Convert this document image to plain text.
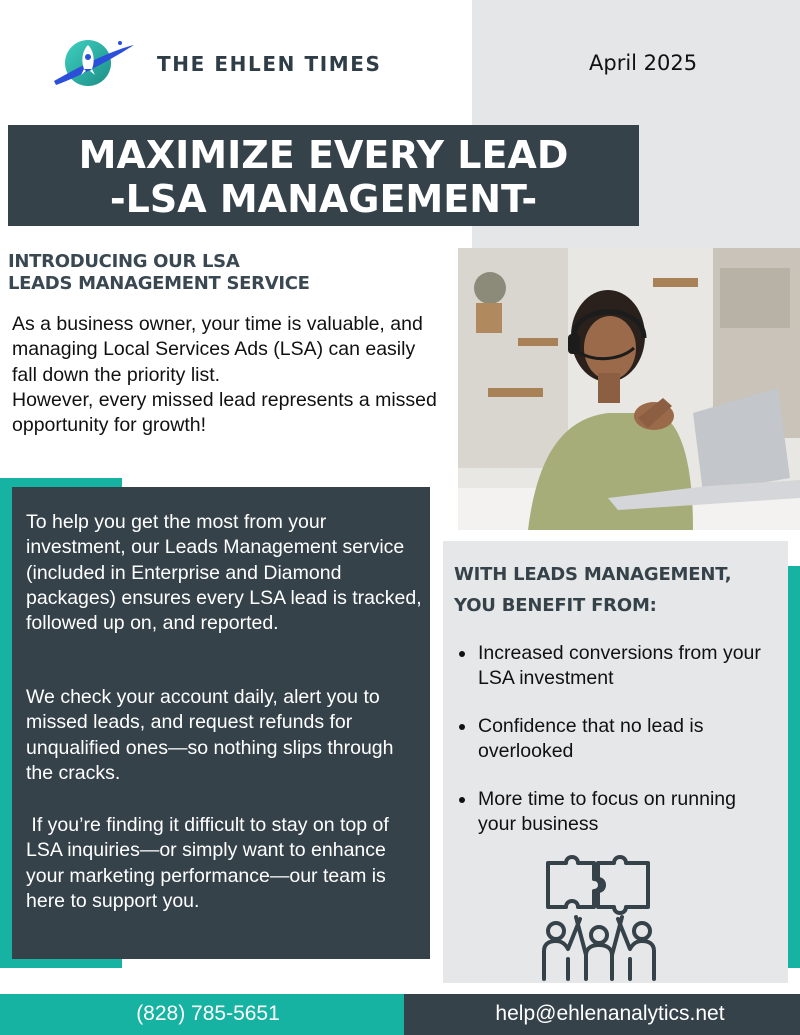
THE EHLEN TIMES	April 2025
MAXIMIZE EVERY LEAD
-LSA MANAGEMENT-
INTRODUCING OUR LSA
LEADS MANAGEMENT SERVICE
As a business owner, your time is valuable, and managing Local Services Ads (LSA) can easily fall down the priority list.
However, every missed lead represents a missed opportunity for growth!

To help you get the most from your investment, our Leads Management service (included in Enterprise and Diamond packages) ensures every LSA lead is tracked, followed up on, and reported.

We check your account daily, alert you to missed leads, and request refunds for unqualified ones—so nothing slips through the cracks.

If you’re finding it difficult to stay on top of LSA inquiries—or simply want to enhance your marketing performance—our team is here to support you.

WITH LEADS MANAGEMENT,
YOU BENEFIT FROM:
Increased conversions from your LSA investment
Confidence that no lead is overlooked
More time to focus on running your business
(828) 785-5651	help@ehlenanalytics.net
